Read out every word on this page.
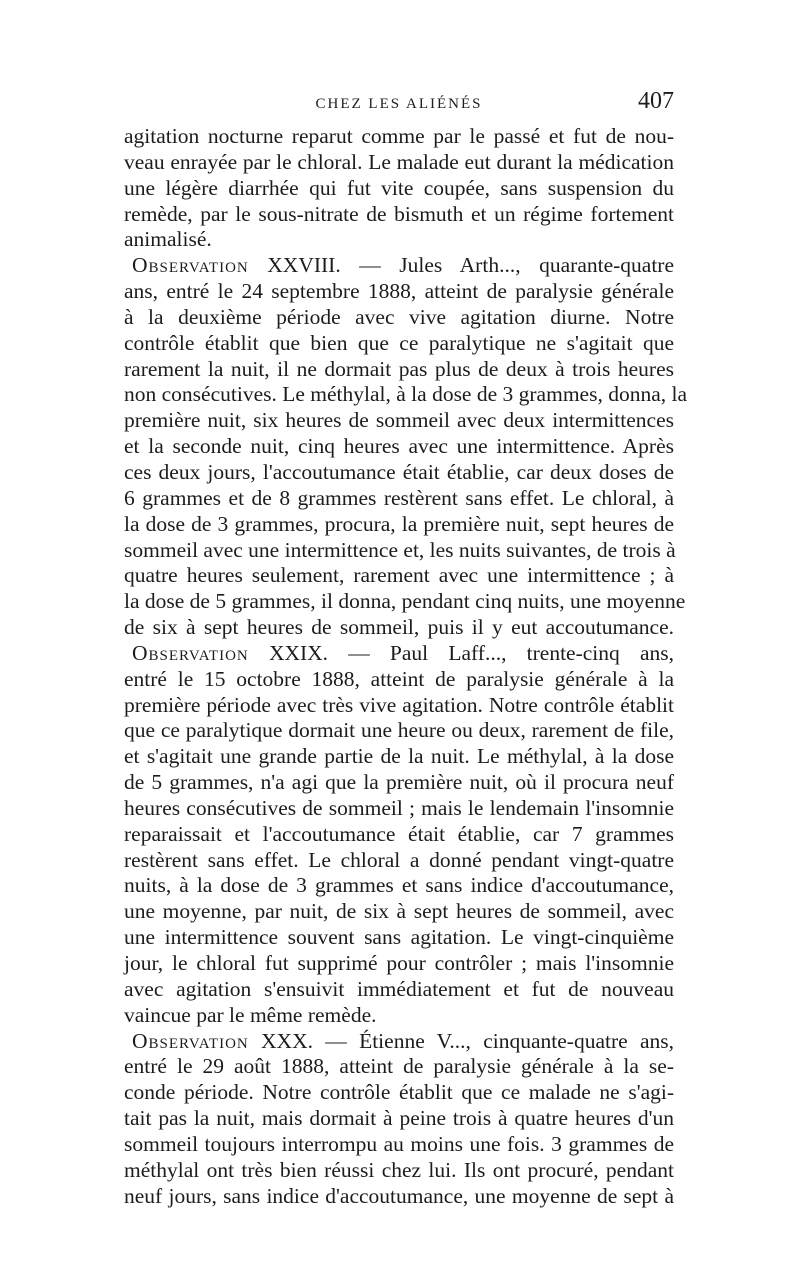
CHEZ LES ALIÉNÉS	407
agitation nocturne reparut comme par le passé et fut de nou-
veau enrayée par le chloral. Le malade eut durant la médication
une légère diarrhée qui fut vite coupée, sans suspension du
remède, par le sous-nitrate de bismuth et un régime fortement
animalisé.
Observation XXVIII. — Jules Arth..., quarante-quatre
ans, entré le 24 septembre 1888, atteint de paralysie générale
à la deuxième période avec vive agitation diurne. Notre
contrôle établit que bien que ce paralytique ne s'agitait que
rarement la nuit, il ne dormait pas plus de deux à trois heures
non consécutives. Le méthylal, à la dose de 3 grammes, donna, la
première nuit, six heures de sommeil avec deux intermittences
et la seconde nuit, cinq heures avec une intermittence. Après
ces deux jours, l'accoutumance était établie, car deux doses de
6 grammes et de 8 grammes restèrent sans effet. Le chloral, à
la dose de 3 grammes, procura, la première nuit, sept heures de
sommeil avec une intermittence et, les nuits suivantes, de trois à
quatre heures seulement, rarement avec une intermittence ; à
la dose de 5 grammes, il donna, pendant cinq nuits, une moyenne
de six à sept heures de sommeil, puis il y eut accoutumance.
Observation XXIX. — Paul Laff..., trente-cinq ans,
entré le 15 octobre 1888, atteint de paralysie générale à la
première période avec très vive agitation. Notre contrôle établit
que ce paralytique dormait une heure ou deux, rarement de file,
et s'agitait une grande partie de la nuit. Le méthylal, à la dose
de 5 grammes, n'a agi que la première nuit, où il procura neuf
heures consécutives de sommeil ; mais le lendemain l'insomnie
reparaissait et l'accoutumance était établie, car 7 grammes
restèrent sans effet. Le chloral a donné pendant vingt-quatre
nuits, à la dose de 3 grammes et sans indice d'accoutumance,
une moyenne, par nuit, de six à sept heures de sommeil, avec
une intermittence souvent sans agitation. Le vingt-cinquième
jour, le chloral fut supprimé pour contrôler ; mais l'insomnie
avec agitation s'ensuivit immédiatement et fut de nouveau
vaincue par le même remède.
Observation XXX. — Étienne V..., cinquante-quatre ans,
entré le 29 août 1888, atteint de paralysie générale à la se-
conde période. Notre contrôle établit que ce malade ne s'agi-
tait pas la nuit, mais dormait à peine trois à quatre heures d'un
sommeil toujours interrompu au moins une fois. 3 grammes de
méthylal ont très bien réussi chez lui. Ils ont procuré, pendant
neuf jours, sans indice d'accoutumance, une moyenne de sept à
